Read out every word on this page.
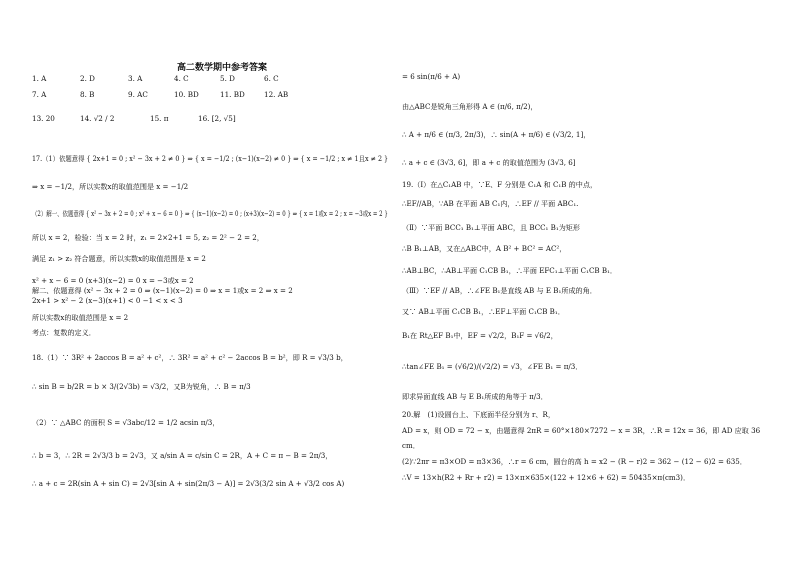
高二数学期中参考答案
1. A	2. D	3. A	4. C	5. D	6. C
7. A	8. B	9. AC	10. BD	11. BD	12. AB
13. 20	14. √2 / 2	15. π	16. [2, √5]
17.（1）依题意得 { 2x+1 = 0 ; x² − 3x + 2 ≠ 0 } ⇒ { x = −1/2 ; (x−1)(x−2) ≠ 0 } ⇒ { x = −1/2 ; x ≠ 1且x ≠ 2 }
⇒ x = −1/2，所以实数x的取值范围是 x = −1/2
（2）解一、依题意得 { x² − 3x + 2 = 0 ; x² + x − 6 = 0 } ⇒ { (x−1)(x−2) = 0 ; (x+3)(x−2) = 0 } ⇒ { x = 1或x = 2 ; x = −3或x = 2 }
所以 x = 2，检验：当 x = 2 时，z₁ = 2×2+1 = 5, z₂ = 2² − 2 = 2，
满足 z₁ > z₂ 符合题意，所以实数x的取值范围是 x = 2
x² + x − 6 = 0 (x+3)(x−2) = 0 x = −3或x = 2
解二、依题意得 (x² − 3x + 2 = 0 ⇒ (x−1)(x−2) = 0 ⇒ x = 1或x = 2 ⇒ x = 2
2x+1 > x² − 2 (x−3)(x+1) < 0 −1 < x < 3
所以实数x的取值范围是 x = 2
考点：复数的定义．
18.（1）∵ 3R² + 2accos B = a² + c²，∴ 3R² = a² + c² − 2accos B = b²，即 R = √3/3 b，
∴ sin B = b/2R = b × 3/(2√3b) = √3/2，又B为锐角，∴ B = π/3
（2）∵ △ABC 的面积 S = √3abc/12 = 1/2 acsin π/3，
∴ b = 3，∴ 2R = 2√3/3 b = 2√3，又 a/sin A = c/sin C = 2R，A + C = π − B = 2π/3，
∴ a + c = 2R(sin A + sin C) = 2√3[sin A + sin(2π/3 − A)] = 2√3(3/2 sin A + √3/2 cos A)
= 6 sin(π/6 + A)
由△ABC是锐角三角形得 A ∈ (π/6, π/2)，
∴ A + π/6 ∈ (π/3, 2π/3)，∴ sin(A + π/6) ∈ (√3/2, 1]，
∴ a + c ∈ (3√3, 6]，即 a + c 的取值范围为 (3√3, 6]
19.（Ⅰ）在△C₁AB 中，∵E、F 分别是 C₁A 和 C₁B 的中点，
∴EF//AB，∵AB 在平面 AB C₁内，∴EF // 平面 ABC₁.
（Ⅱ）∵平面 BCC₁ B₁⊥平面 ABC，且 BCC₁ B₁为矩形
∴B B₁⊥AB，又在△ABC中，A B² + BC² = AC²，
∴AB⊥BC，∴AB⊥平面 C₁CB B₁，∴平面 EFC₁⊥平面 C₁CB B₁．
（Ⅲ）∵EF // AB，∴∠FE B₁是直线 AB 与 E B₁所成的角．
又∵ AB⊥平面 C₁CB B₁，∴EF⊥平面 C₁CB B₁．
B₁在 Rt△EF B₁中，EF = √2/2，B₁F = √6/2，
∴tan∠FE B₁ = (√6/2)/(√2/2) = √3，∠FE B₁ = π/3．
即求异面直线 AB 与 E B₁所成的角等于 π/3．
20.解　(1)设圆台上、下底面半径分别为 r、R，
AD = x，则 OD = 72 − x，由题意得 2πR = 60°×180×7272 − x = 3R，∴R = 12x = 36，即 AD 应取 36
cm．
(2)∵2πr = π3×OD = π3×36，∴r = 6 cm，圆台的高 h = x2 − (R − r)2 = 362 − (12 − 6)2 = 635．
∴V = 13×h(R2 + Rr + r2) = 13×π×635×(122 + 12×6 + 62) = 50435×π(cm3)．
